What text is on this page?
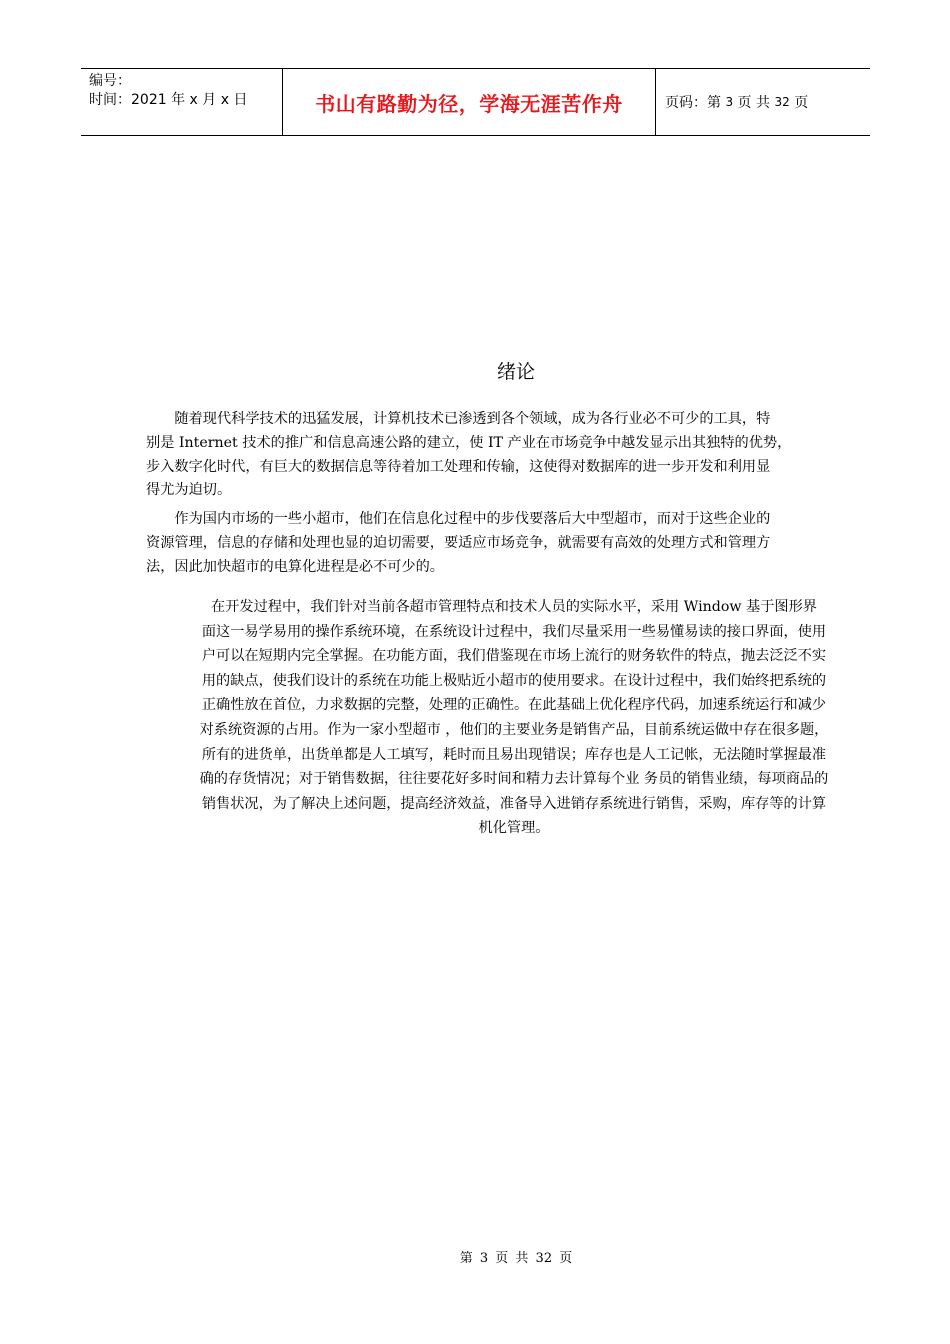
编号：
时间：2021 年 x 月 x 日	书山有路勤为径，学海无涯苦作舟	页码：第
3
页 共
32
页
绪论

　　随着现代科学技术的迅猛发展，计算机技术已渗透到各个领域，成为各行业必不可少的工具，特
别是 Internet 技术的推广和信息高速公路的建立，使 IT 产业在市场竞争中越发显示出其独特的优势，
步入数字化时代，有巨大的数据信息等待着加工处理和传输，这使得对数据库的进一步开发和利用显
得尤为迫切。

　　作为国内市场的一些小超市，他们在信息化过程中的步伐要落后大中型超市，而对于这些企业的
资源管理，信息的存储和处理也显的迫切需要，要适应市场竞争，就需要有高效的处理方式和管理方
法，因此加快超市的电算化进程是必不可少的。

在开发过程中，我们针对当前各超市管理特点和技术人员的实际水平，采用 Window 基于图形界
面这一易学易用的操作系统环境，在系统设计过程中，我们尽量采用一些易懂易读的接口界面，使用
户可以在短期内完全掌握。在功能方面，我们借鉴现在市场上流行的财务软件的特点，抛去泛泛不实
用的缺点，使我们设计的系统在功能上极贴近小超市的使用要求。在设计过程中，我们始终把系统的
正确性放在首位，力求数据的完整，处理的正确性。在此基础上优化程序代码，加速系统运行和减少
对系统资源的占用。作为一家小型超市 ，他们的主要业务是销售产品，目前系统运做中存在很多题，
所有的进货单，出货单都是人工填写，耗时而且易出现错误；库存也是人工记帐，无法随时掌握最准
确的存货情况；对于销售数据，往往要花好多时间和精力去计算每个业 务员的销售业绩，每项商品的
销售状况，为了解决上述问题，提高经济效益，准备导入进销存系统进行销售，采购，库存等的计算
机化管理。

第 3 页 共 32 页
